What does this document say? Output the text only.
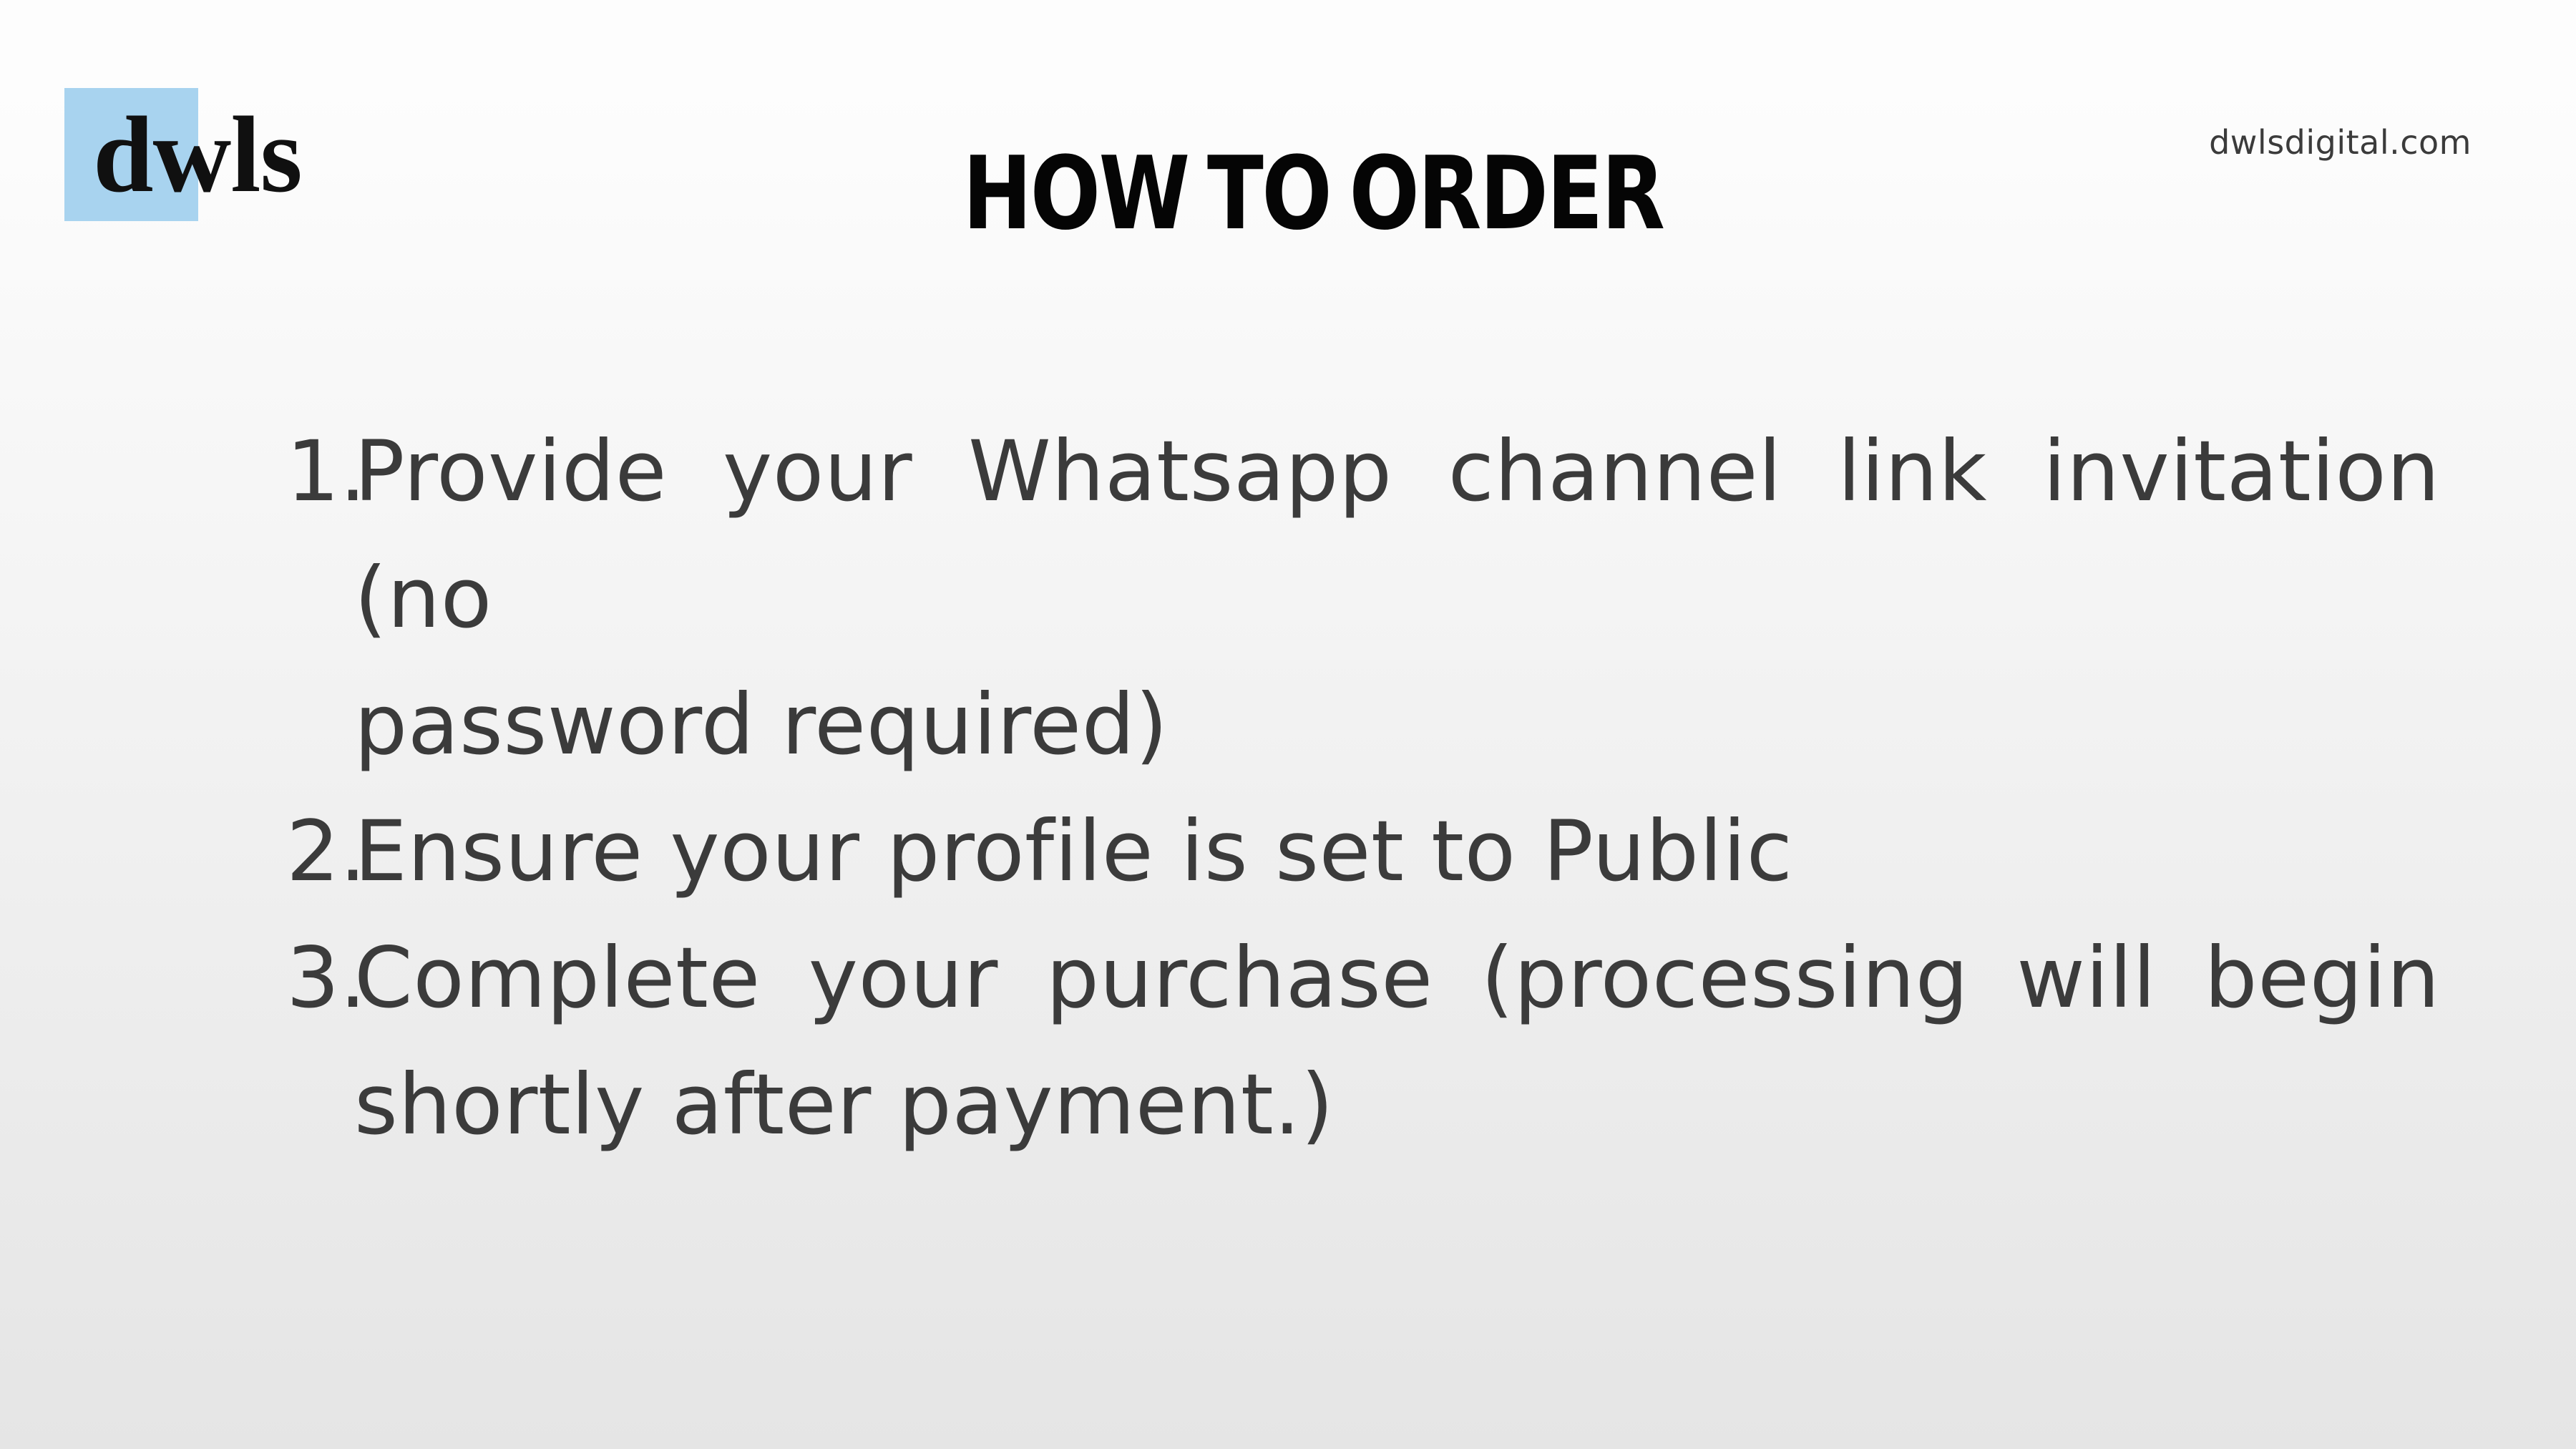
dwls	HOW TO ORDER	dwlsdigital.com
1.
Provide your Whatsapp channel link invitation (no
password required)
2.
Ensure your profile is set to Public
3.
Complete your purchase (processing will begin
shortly after payment.)
